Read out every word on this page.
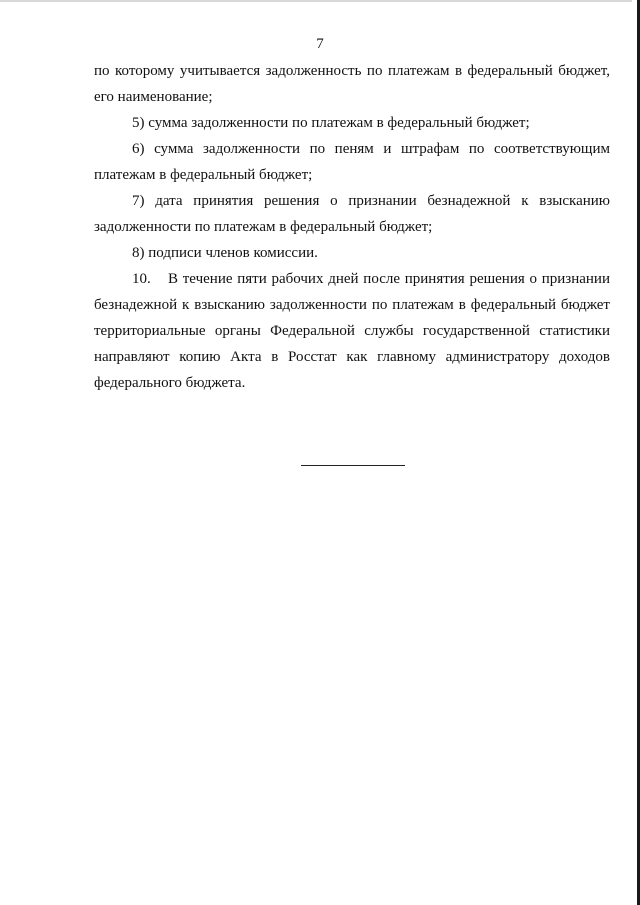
7

по которому учитывается задолженность по платежам в федеральный бюджет, его наименование;

5) сумма задолженности по платежам в федеральный бюджет;

6) сумма задолженности по пеням и штрафам по соответствующим платежам в федеральный бюджет;

7) дата принятия решения о признании безнадежной к взысканию задолженности по платежам в федеральный бюджет;

8) подписи членов комиссии.

10. В течение пяти рабочих дней после принятия решения о признании безнадежной к взысканию задолженности по платежам в федеральный бюджет территориальные органы Федеральной службы государственной статистики направляют копию Акта в Росстат как главному администратору доходов федерального бюджета.
